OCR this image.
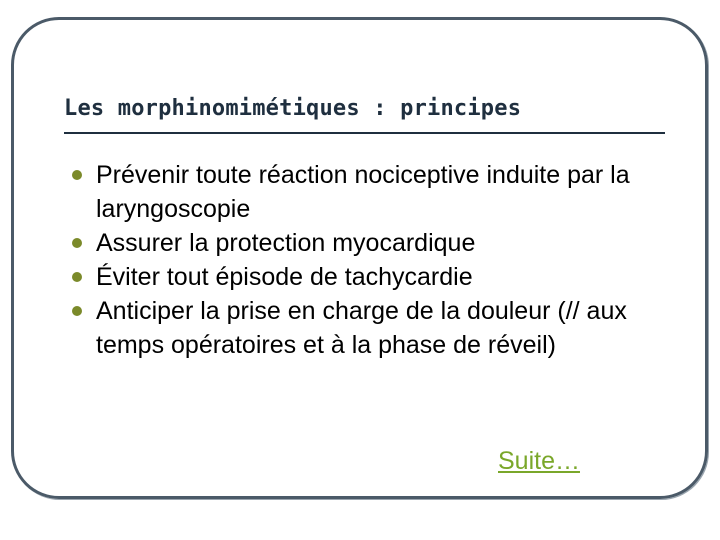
Les morphinomimétiques : principes
Prévenir toute réaction nociceptive induite par la laryngoscopie
Assurer la protection myocardique
Éviter tout épisode de tachycardie
Anticiper la prise en charge de la douleur (// aux temps opératoires et à la phase de réveil)
Suite…
